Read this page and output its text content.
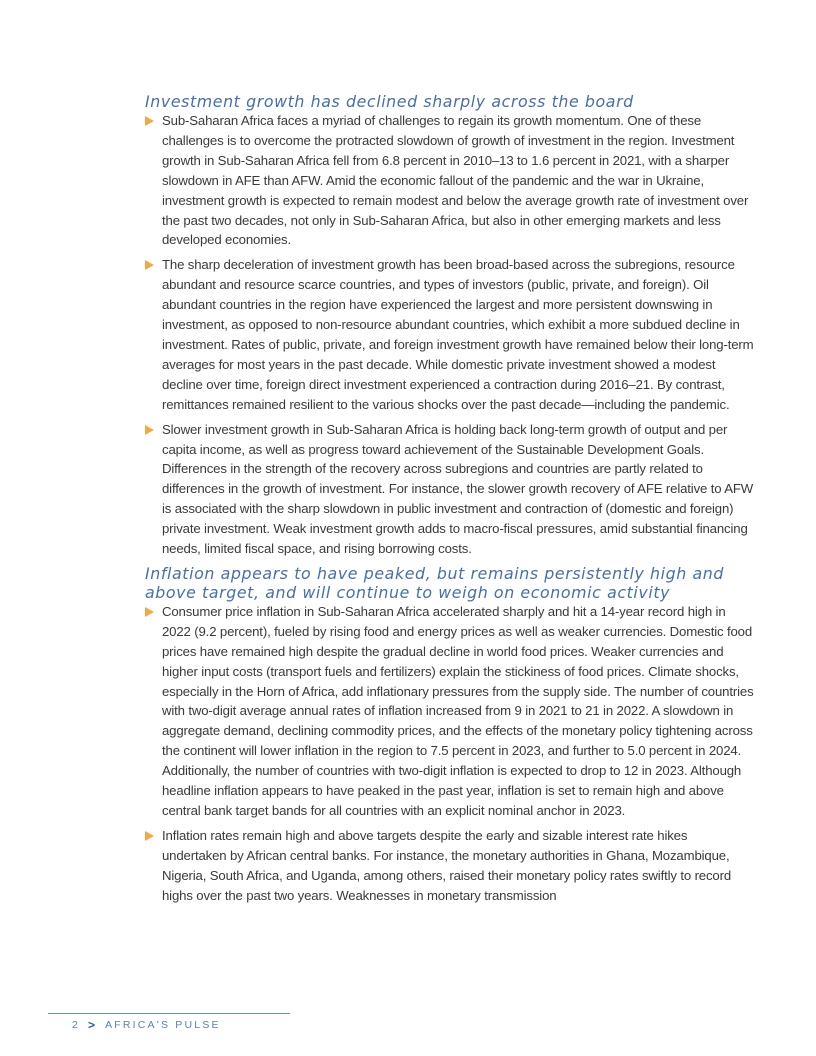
Investment growth has declined sharply across the board
Sub-Saharan Africa faces a myriad of challenges to regain its growth momentum. One of these challenges is to overcome the protracted slowdown of growth of investment in the region. Investment growth in Sub-Saharan Africa fell from 6.8 percent in 2010–13 to 1.6 percent in 2021, with a sharper slowdown in AFE than AFW. Amid the economic fallout of the pandemic and the war in Ukraine, investment growth is expected to remain modest and below the average growth rate of investment over the past two decades, not only in Sub-Saharan Africa, but also in other emerging markets and less developed economies.
The sharp deceleration of investment growth has been broad-based across the subregions, resource abundant and resource scarce countries, and types of investors (public, private, and foreign). Oil abundant countries in the region have experienced the largest and more persistent downswing in investment, as opposed to non-resource abundant countries, which exhibit a more subdued decline in investment. Rates of public, private, and foreign investment growth have remained below their long-term averages for most years in the past decade. While domestic private investment showed a modest decline over time, foreign direct investment experienced a contraction during 2016–21. By contrast, remittances remained resilient to the various shocks over the past decade—including the pandemic.
Slower investment growth in Sub-Saharan Africa is holding back long-term growth of output and per capita income, as well as progress toward achievement of the Sustainable Development Goals. Differences in the strength of the recovery across subregions and countries are partly related to differences in the growth of investment. For instance, the slower growth recovery of AFE relative to AFW is associated with the sharp slowdown in public investment and contraction of (domestic and foreign) private investment. Weak investment growth adds to macro-fiscal pressures, amid substantial financing needs, limited fiscal space, and rising borrowing costs.
Inflation appears to have peaked, but remains persistently high and above target, and will continue to weigh on economic activity
Consumer price inflation in Sub-Saharan Africa accelerated sharply and hit a 14-year record high in 2022 (9.2 percent), fueled by rising food and energy prices as well as weaker currencies. Domestic food prices have remained high despite the gradual decline in world food prices. Weaker currencies and higher input costs (transport fuels and fertilizers) explain the stickiness of food prices. Climate shocks, especially in the Horn of Africa, add inflationary pressures from the supply side. The number of countries with two-digit average annual rates of inflation increased from 9 in 2021 to 21 in 2022. A slowdown in aggregate demand, declining commodity prices, and the effects of the monetary policy tightening across the continent will lower inflation in the region to 7.5 percent in 2023, and further to 5.0 percent in 2024. Additionally, the number of countries with two-digit inflation is expected to drop to 12 in 2023. Although headline inflation appears to have peaked in the past year, inflation is set to remain high and above central bank target bands for all countries with an explicit nominal anchor in 2023.
Inflation rates remain high and above targets despite the early and sizable interest rate hikes undertaken by African central banks. For instance, the monetary authorities in Ghana, Mozambique, Nigeria, South Africa, and Uganda, among others, raised their monetary policy rates swiftly to record highs over the past two years. Weaknesses in monetary transmission
2 > AFRICA'S PULSE
